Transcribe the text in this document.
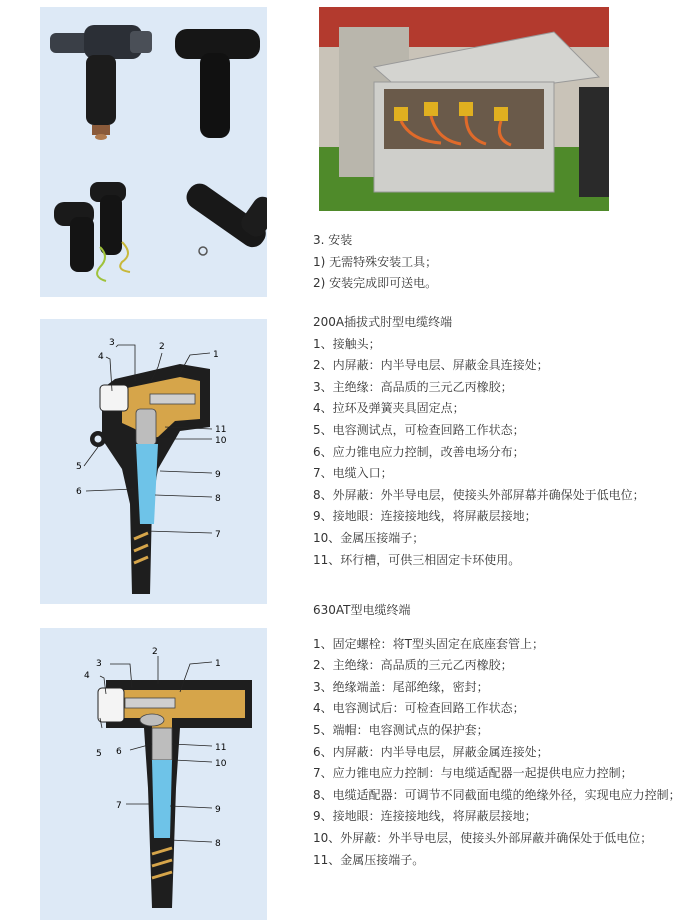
1
2
3
4
5
6
7
8
9
10
11
1
2
3
4
5 6
7
8
9
10
11
3. 安装
1) 无需特殊安装工具；
2) 安装完成即可送电。
200A插拔式肘型电缆终端
1、接触头；
2、内屏蔽：内半导电层、屏蔽金具连接处；
3、主绝缘：高品质的三元乙丙橡胶；
4、拉环及弹簧夹具固定点；
5、电容测试点，可检查回路工作状态；
6、应力锥电应力控制，改善电场分布；
7、电缆入口；
8、外屏蔽：外半导电层，使接头外部屏幕并确保处于低电位；
9、接地眼：连接接地线，将屏蔽层接地；
10、金属压接端子；
11、环行槽，可供三相固定卡环使用。
630AT型电缆终端
1、固定螺栓：将T型头固定在底座套管上；
2、主绝缘：高品质的三元乙丙橡胶；
3、绝缘端盖：尾部绝缘，密封；
4、电容测试后：可检查回路工作状态；
5、端帽：电容测试点的保护套；
6、内屏蔽：内半导电层，屏蔽金属连接处；
7、应力锥电应力控制：与电缆适配器一起提供电应力控制；
8、电缆适配器：可调节不同截面电缆的绝缘外径，实现电应力控制；
9、接地眼：连接接地线，将屏蔽层接地；
10、外屏蔽：外半导电层，使接头外部屏蔽并确保处于低电位；
11、金属压接端子。
